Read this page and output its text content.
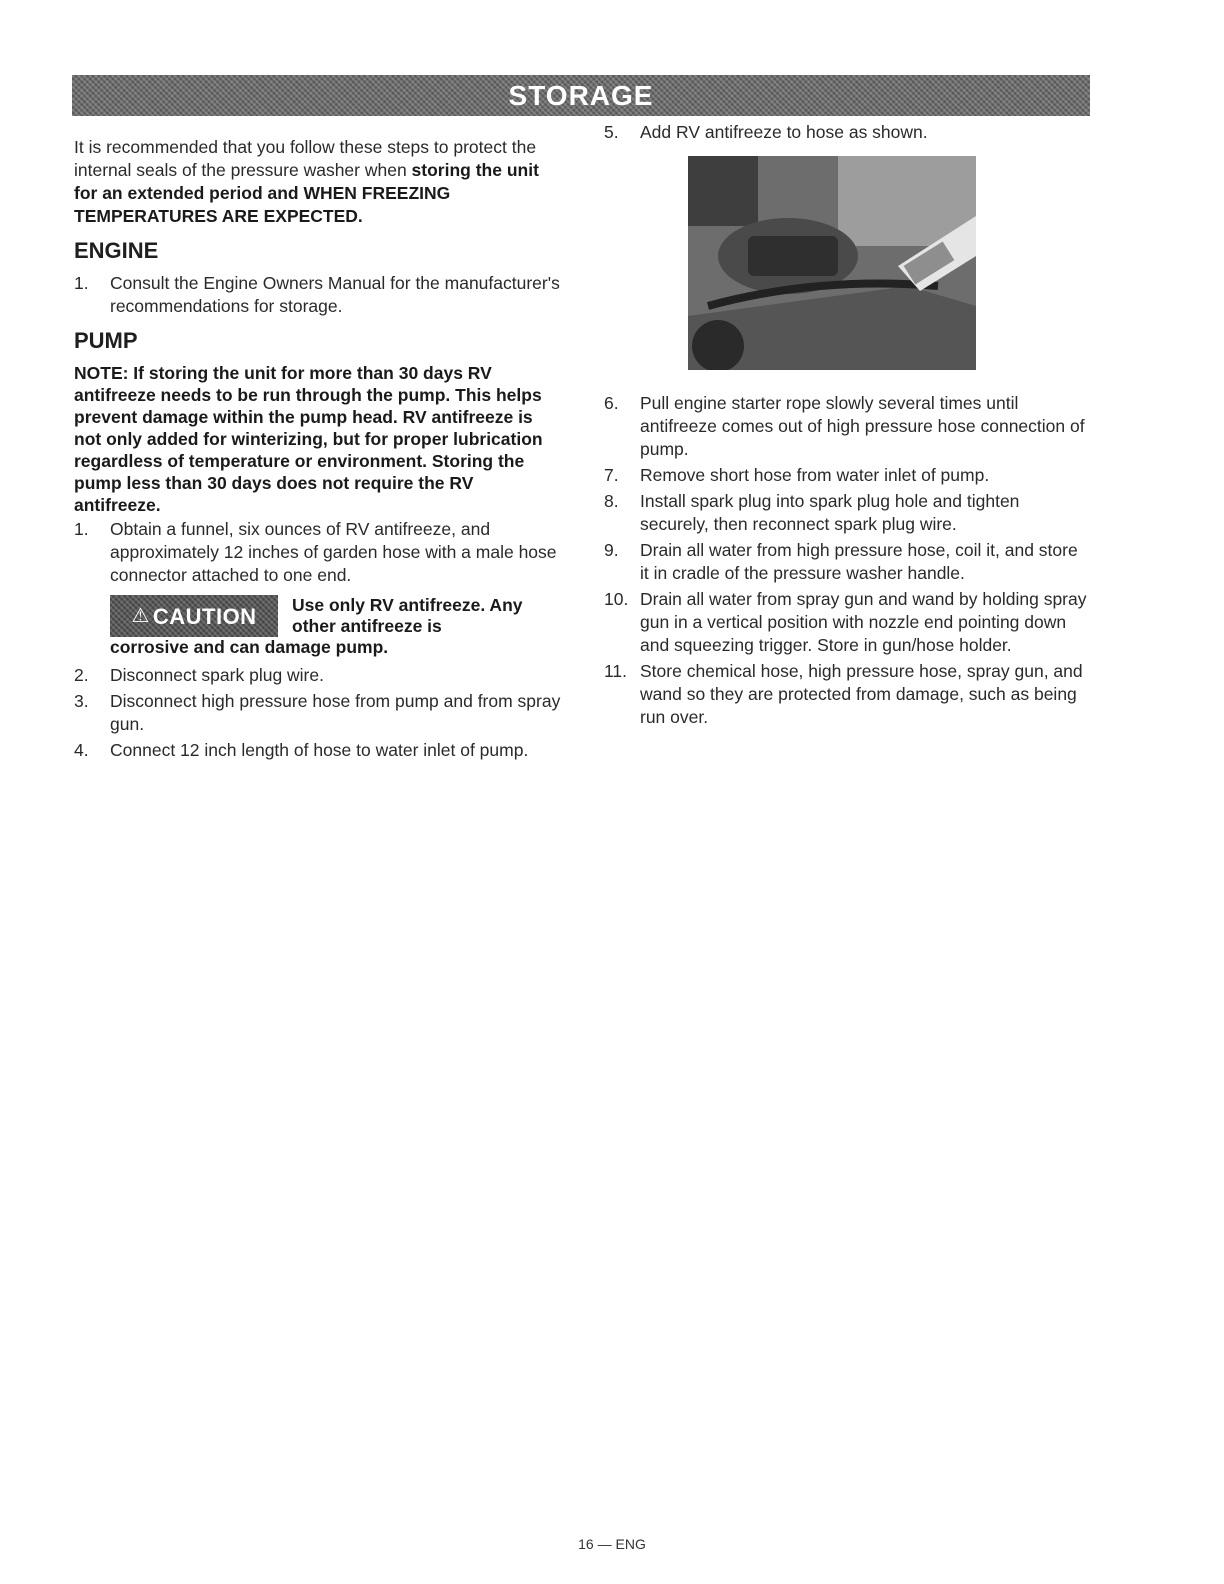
STORAGE

It is recommended that you follow these steps to protect the internal seals of the pressure washer when storing the unit for an extended period and WHEN FREEZING TEMPERATURES ARE EXPECTED.

ENGINE
1.	Consult the Engine Owners Manual for the manufacturer's recommendations for storage.
PUMP

NOTE: If storing the unit for more than 30 days RV antifreeze needs to be run through the pump. This helps prevent damage within the pump head. RV antifreeze is not only added for winterizing, but for proper lubrication regardless of temperature or environment. Storing the pump less than 30 days does not require the RV antifreeze.

1.	Obtain a funnel, six ounces of RV antifreeze, and approximately 12 inches of garden hose with a male hose connector attached to one end.
⚠ CAUTION Use only RV antifreeze. Any other antifreeze is
corrosive and can damage pump.
2.	Disconnect spark plug wire.
3.	Disconnect high pressure hose from pump and from spray gun.
4.	Connect 12 inch length of hose to water inlet of pump.
5.	Add RV antifreeze to hose as shown.
6.	Pull engine starter rope slowly several times until antifreeze comes out of high pressure hose connection of pump.
7.	Remove short hose from water inlet of pump.
8.	Install spark plug into spark plug hole and tighten securely, then reconnect spark plug wire.
9.	Drain all water from high pressure hose, coil it, and store it in cradle of the pressure washer handle.
10. Drain all water from spray gun and wand by holding spray gun in a vertical position with nozzle end pointing down and squeezing trigger. Store in gun/hose holder.
11. Store chemical hose, high pressure hose, spray gun, and wand so they are protected from damage, such as being run over.
16 — ENG
